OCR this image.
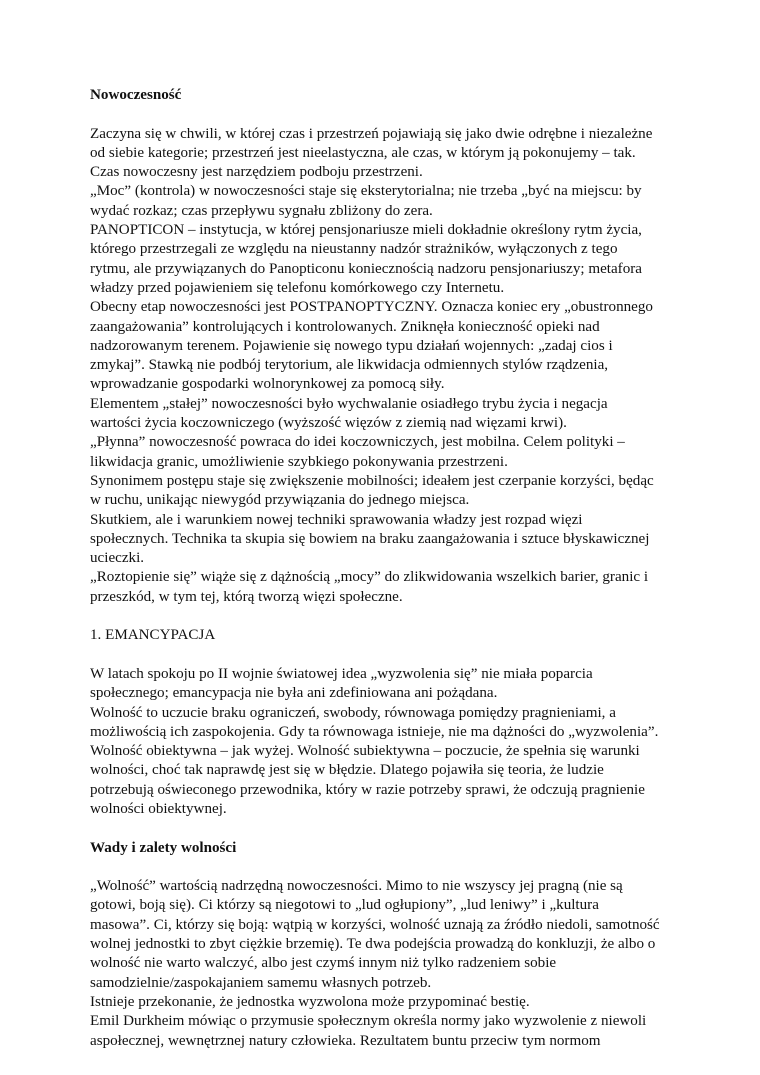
Nowoczesność

Zaczyna się w chwili, w której czas i przestrzeń pojawiają się jako dwie odrębne i niezależne
od siebie kategorie; przestrzeń jest nieelastyczna, ale czas, w którym ją pokonujemy – tak.
Czas nowoczesny jest narzędziem podboju przestrzeni.

„Moc” (kontrola) w nowoczesności staje się eksterytorialna; nie trzeba „być na miejscu: by
wydać rozkaz; czas przepływu sygnału zbliżony do zera.

PANOPTICON – instytucja, w której pensjonariusze mieli dokładnie określony rytm życia,
którego przestrzegali ze względu na nieustanny nadzór strażników, wyłączonych z tego
rytmu, ale przywiązanych do Panopticonu koniecznością nadzoru pensjonariuszy; metafora
władzy przed pojawieniem się telefonu komórkowego czy Internetu.

Obecny etap nowoczesności jest POSTPANOPTYCZNY. Oznacza koniec ery „obustronnego
zaangażowania” kontrolujących i kontrolowanych. Zniknęła konieczność opieki nad
nadzorowanym terenem. Pojawienie się nowego typu działań wojennych: „zadaj cios i
zmykaj”. Stawką nie podbój terytorium, ale likwidacja odmiennych stylów rządzenia,
wprowadzanie gospodarki wolnorynkowej za pomocą siły.

Elementem „stałej” nowoczesności było wychwalanie osiadłego trybu życia i negacja
wartości życia koczowniczego (wyższość więzów z ziemią nad więzami krwi).

„Płynna” nowoczesność powraca do idei koczowniczych, jest mobilna. Celem polityki –
likwidacja granic, umożliwienie szybkiego pokonywania przestrzeni.

Synonimem postępu staje się zwiększenie mobilności; ideałem jest czerpanie korzyści, będąc
w ruchu, unikając niewygód przywiązania do jednego miejsca.

Skutkiem, ale i warunkiem nowej techniki sprawowania władzy jest rozpad więzi
społecznych. Technika ta skupia się bowiem na braku zaangażowania i sztuce błyskawicznej
ucieczki.

„Roztopienie się” wiąże się z dążnością „mocy” do zlikwidowania wszelkich barier, granic i
przeszkód, w tym tej, którą tworzą więzi społeczne.

1. EMANCYPACJA

W latach spokoju po II wojnie światowej idea „wyzwolenia się” nie miała poparcia
społecznego; emancypacja nie była ani zdefiniowana ani pożądana.

Wolność to uczucie braku ograniczeń, swobody, równowaga pomiędzy pragnieniami, a
możliwością ich zaspokojenia. Gdy ta równowaga istnieje, nie ma dążności do „wyzwolenia”.

Wolność obiektywna – jak wyżej. Wolność subiektywna – poczucie, że spełnia się warunki
wolności, choć tak naprawdę jest się w błędzie. Dlatego pojawiła się teoria, że ludzie
potrzebują oświeconego przewodnika, który w razie potrzeby sprawi, że odczują pragnienie
wolności obiektywnej.

Wady i zalety wolności

„Wolność” wartością nadrzędną nowoczesności. Mimo to nie wszyscy jej pragną (nie są
gotowi, boją się). Ci którzy są niegotowi to „lud ogłupiony”, „lud leniwy” i „kultura
masowa”. Ci, którzy się boją: wątpią w korzyści, wolność uznają za źródło niedoli, samotność
wolnej jednostki to zbyt ciężkie brzemię). Te dwa podejścia prowadzą do konkluzji, że albo o
wolność nie warto walczyć, albo jest czymś innym niż tylko radzeniem sobie
samodzielnie/zaspokajaniem samemu własnych potrzeb.

Istnieje przekonanie, że jednostka wyzwolona może przypominać bestię.

Emil Durkheim mówiąc o przymusie społecznym określa normy jako wyzwolenie z niewoli
aspołecznej, wewnętrznej natury człowieka. Rezultatem buntu przeciw tym normom
